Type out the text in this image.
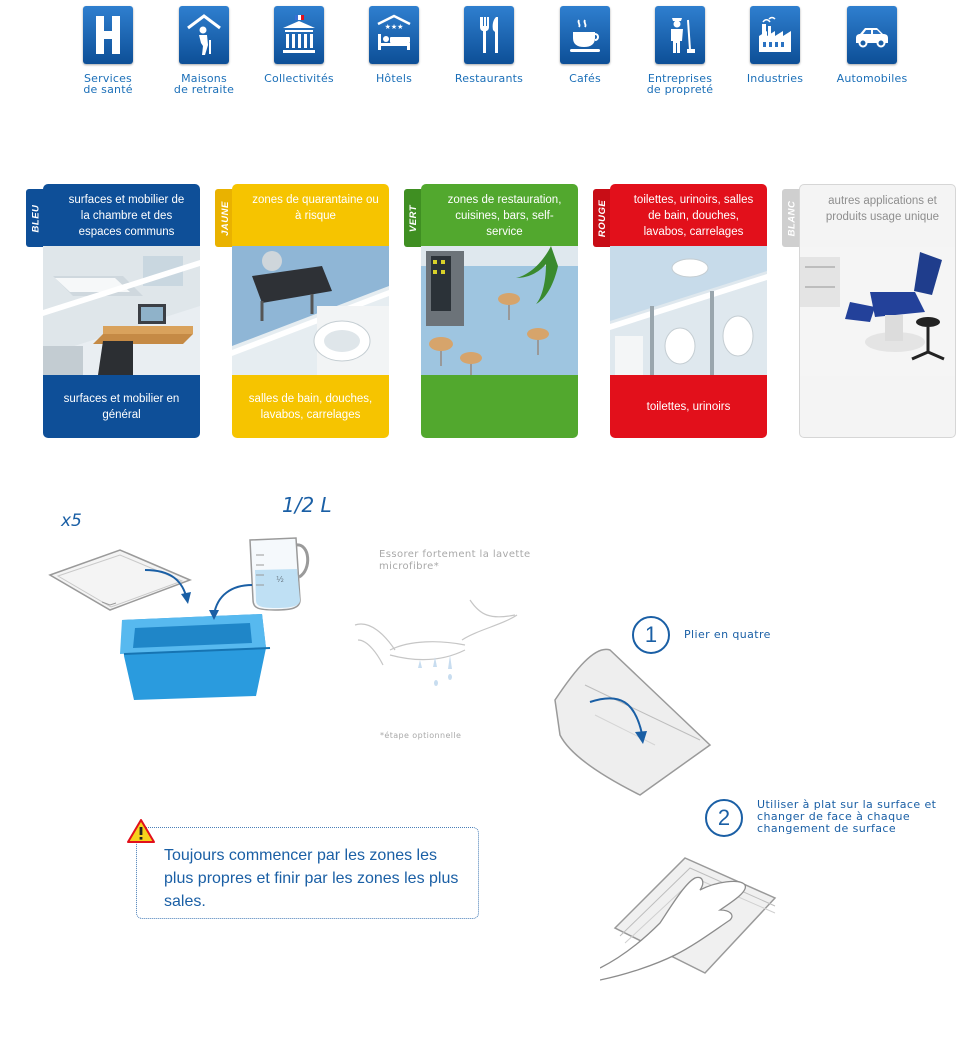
Services
de santé
Maisons
de retraite
Collectivités
★★★
Hôtels	Restaurants	Cafés	Entreprises
de propreté
Industries	Automobiles
BLEU
surfaces et mobilier de la chambre et des espaces communs
surfaces et mobilier en général
JAUNE
zones de quarantaine ou à risque
salles de bain, douches, lavabos, carrelages
VERT
zones de restauration, cuisines, bars, self-service	ROUGE	toilettes, urinoirs, salles de bain, douches, lavabos, carrelages
toilettes, urinoirs
BLANC	autres applications et produits usage unique
x5
1/2 L
½
Essorer fortement la lavette microfibre*
*étape optionnelle
1	Plier en quatre
2
Utiliser à plat sur la surface et changer de face à chaque changement de surface
Toujours commencer par les zones les plus propres et finir par les zones les plus sales.
